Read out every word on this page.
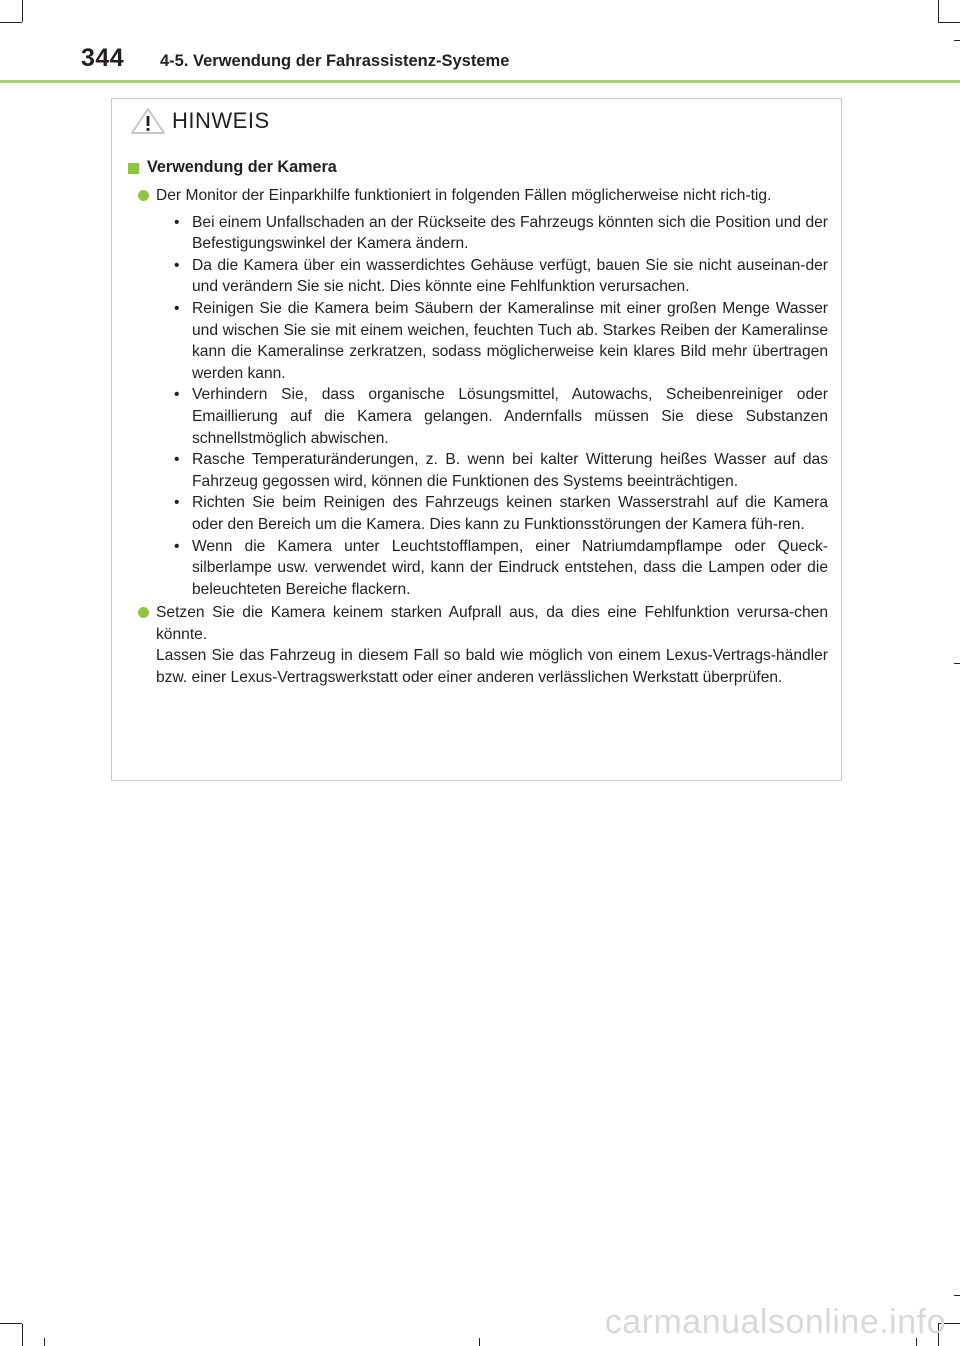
344 4-5. Verwendung der Fahrassistenz-Systeme
HINWEIS
Verwendung der Kamera
Der Monitor der Einparkhilfe funktioniert in folgenden Fällen möglicherweise nicht rich-tig.
• Bei einem Unfallschaden an der Rückseite des Fahrzeugs könnten sich die Position und der Befestigungswinkel der Kamera ändern.
• Da die Kamera über ein wasserdichtes Gehäuse verfügt, bauen Sie sie nicht auseinan-der und verändern Sie sie nicht. Dies könnte eine Fehlfunktion verursachen.
• Reinigen Sie die Kamera beim Säubern der Kameralinse mit einer großen Menge Wasser und wischen Sie sie mit einem weichen, feuchten Tuch ab. Starkes Reiben der Kameralinse kann die Kameralinse zerkratzen, sodass möglicherweise kein klares Bild mehr übertragen werden kann.
• Verhindern Sie, dass organische Lösungsmittel, Autowachs, Scheibenreiniger oder Emaillierung auf die Kamera gelangen. Andernfalls müssen Sie diese Substanzen schnellstmöglich abwischen.
• Rasche Temperaturänderungen, z. B. wenn bei kalter Witterung heißes Wasser auf das Fahrzeug gegossen wird, können die Funktionen des Systems beeinträchtigen.
• Richten Sie beim Reinigen des Fahrzeugs keinen starken Wasserstrahl auf die Kamera oder den Bereich um die Kamera. Dies kann zu Funktionsstörungen der Kamera füh-ren.
• Wenn die Kamera unter Leuchtstofflampen, einer Natriumdampflampe oder Queck-silberlampe usw. verwendet wird, kann der Eindruck entstehen, dass die Lampen oder die beleuchteten Bereiche flackern.
Setzen Sie die Kamera keinem starken Aufprall aus, da dies eine Fehlfunktion verursa-chen könnte.
Lassen Sie das Fahrzeug in diesem Fall so bald wie möglich von einem Lexus-Vertrags-händler bzw. einer Lexus-Vertragswerkstatt oder einer anderen verlässlichen Werkstatt überprüfen.
carmanualsonline.info
